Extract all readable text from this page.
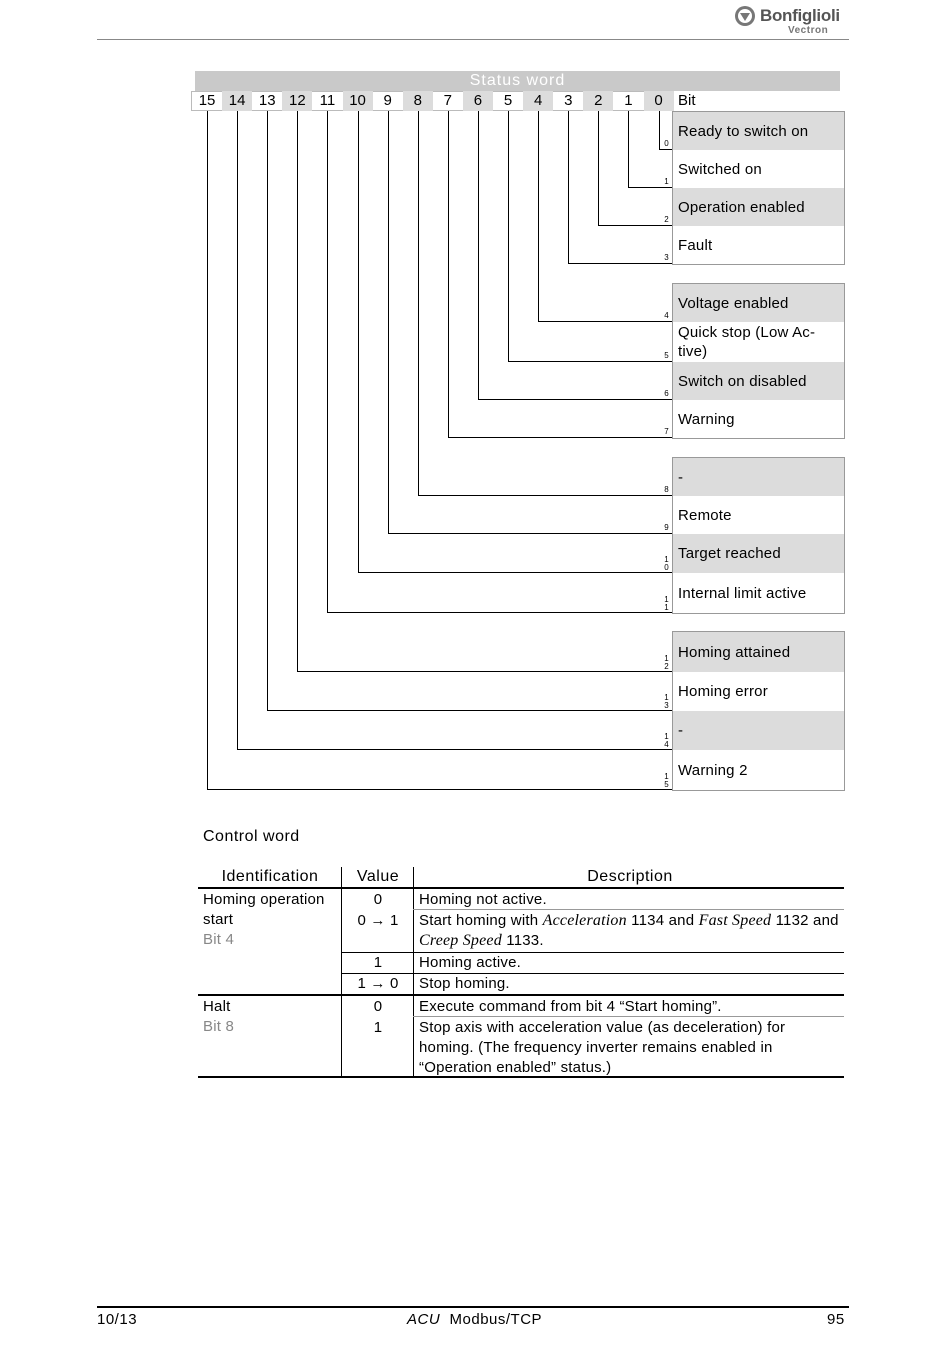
Bonfiglioli
Vectron
Status word
15 14 13 12 11 10	9	8	7	6	5	4	3	2	1	0	Bit
Ready to switch on
0
Switched on
1
Operation enabled
2
Fault
3
Voltage enabled
4
Quick stop (Low Ac-tive)
5
Switch on disabled
6
Warning
7
-
8
Remote
9
Target reached
10
Internal limit active
11
Homing attained
12
Homing error
13
-
14
Warning 2
15
Control word
Identification	Value	Description
Homing operation start
Bit 4
0	Homing not active.
0 → 1	Start homing with Acceleration 1134 and Fast Speed 1132 and Creep Speed 1133.
1	Homing active.
1 → 0	Stop homing.
Halt
Bit 8
0	Execute command from bit 4 “Start homing”.
1	Stop axis with acceleration value (as deceleration) for homing. (The frequency inverter remains enabled in “Operation enabled” status.)
10/13	ACU Modbus/TCP	95
